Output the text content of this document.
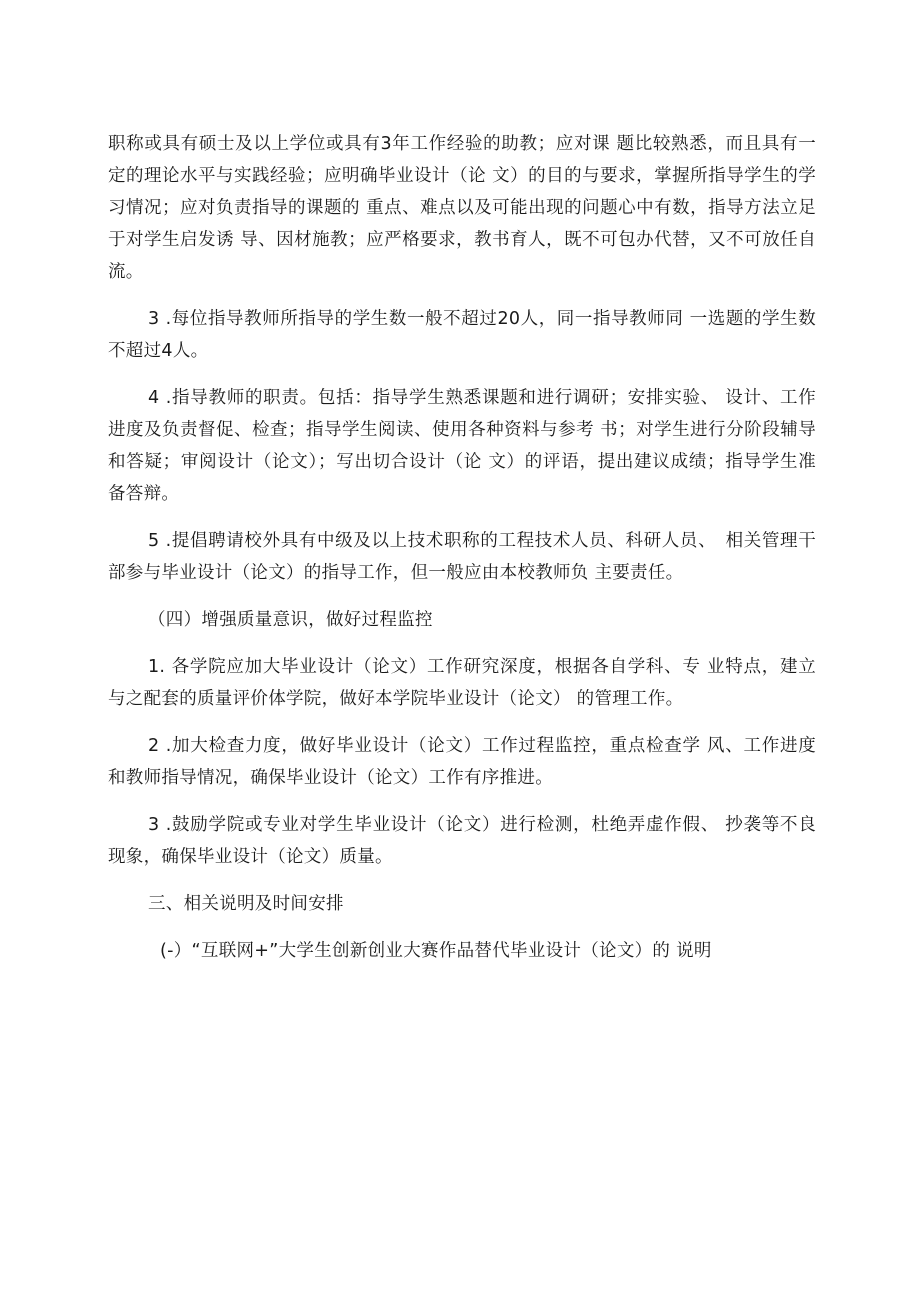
职称或具有硕士及以上学位或具有3年工作经验的助教；应对课 题比较熟悉，而且具有一定的理论水平与实践经验；应明确毕业设计（论 文）的目的与要求，掌握所指导学生的学习情况；应对负责指导的课题的 重点、难点以及可能出现的问题心中有数，指导方法立足于对学生启发诱 导、因材施教；应严格要求，教书育人，既不可包办代替，又不可放任自 流。

3 .每位指导教师所指导的学生数一般不超过20人，同一指导教师同 一选题的学生数不超过4人。

4 .指导教师的职责。包括：指导学生熟悉课题和进行调研；安排实验、 设计、工作进度及负责督促、检查；指导学生阅读、使用各种资料与参考 书；对学生进行分阶段辅导和答疑；审阅设计（论文）；写出切合设计（论 文）的评语，提出建议成绩；指导学生准备答辩。

5 .提倡聘请校外具有中级及以上技术职称的工程技术人员、科研人员、　相关管理干部参与毕业设计（论文）的指导工作，但一般应由本校教师负 主要责任。

（四）增强质量意识，做好过程监控

1. 各学院应加大毕业设计（论文）工作研究深度，根据各自学科、专 业特点，建立与之配套的质量评价体学院，做好本学院毕业设计（论文） 的管理工作。

2 .加大检查力度，做好毕业设计（论文）工作过程监控，重点检查学 风、工作进度和教师指导情况，确保毕业设计（论文）工作有序推进。

3 .鼓励学院或专业对学生毕业设计（论文）进行检测，杜绝弄虚作假、 抄袭等不良现象，确保毕业设计（论文）质量。

三、相关说明及时间安排

(-）“互联网+”大学生创新创业大赛作品替代毕业设计（论文）的 说明
